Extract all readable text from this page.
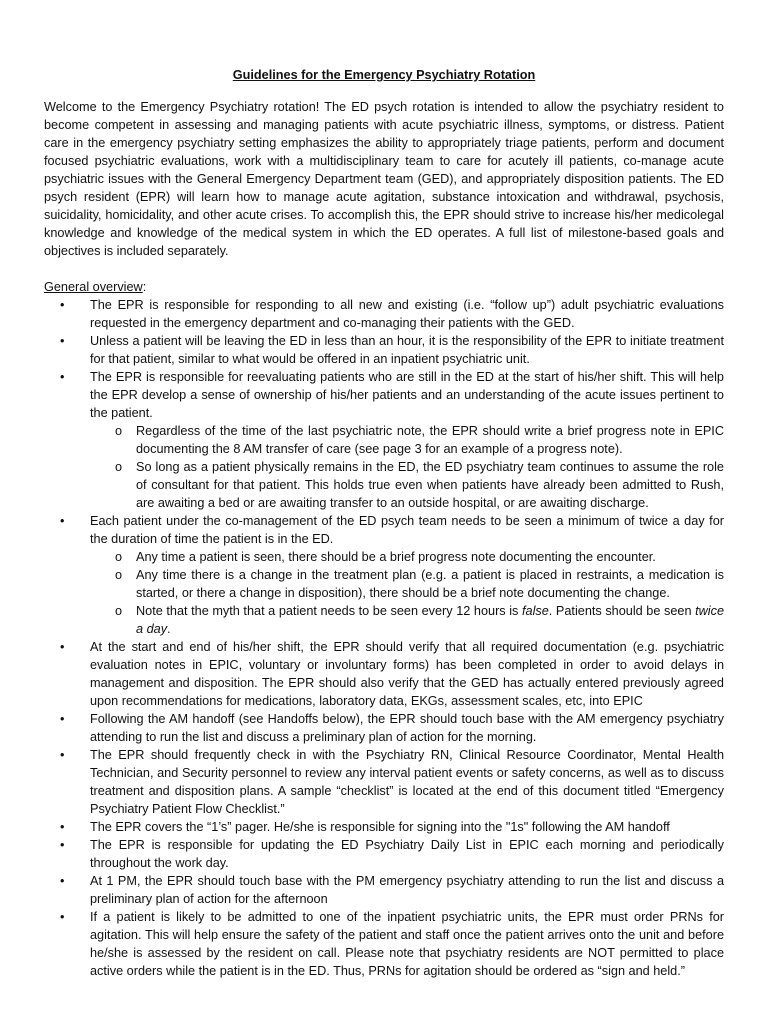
Guidelines for the Emergency Psychiatry Rotation

Welcome to the Emergency Psychiatry rotation! The ED psych rotation is intended to allow the psychiatry resident to become competent in assessing and managing patients with acute psychiatric illness, symptoms, or distress. Patient care in the emergency psychiatry setting emphasizes the ability to appropriately triage patients, perform and document focused psychiatric evaluations, work with a multidisciplinary team to care for acutely ill patients, co-manage acute psychiatric issues with the General Emergency Department team (GED), and appropriately disposition patients. The ED psych resident (EPR) will learn how to manage acute agitation, substance intoxication and withdrawal, psychosis, suicidality, homicidality, and other acute crises. To accomplish this, the EPR should strive to increase his/her medicolegal knowledge and knowledge of the medical system in which the ED operates. A full list of milestone-based goals and objectives is included separately.

General overview:

• The EPR is responsible for responding to all new and existing (i.e. “follow up”) adult psychiatric evaluations requested in the emergency department and co-managing their patients with the GED.
• Unless a patient will be leaving the ED in less than an hour, it is the responsibility of the EPR to initiate treatment for that patient, similar to what would be offered in an inpatient psychiatric unit.
• The EPR is responsible for reevaluating patients who are still in the ED at the start of his/her shift. This will help the EPR develop a sense of ownership of his/her patients and an understanding of the acute issues pertinent to the patient.
o Regardless of the time of the last psychiatric note, the EPR should write a brief progress note in EPIC documenting the 8 AM transfer of care (see page 3 for an example of a progress note).
o So long as a patient physically remains in the ED, the ED psychiatry team continues to assume the role of consultant for that patient. This holds true even when patients have already been admitted to Rush, are awaiting a bed or are awaiting transfer to an outside hospital, or are awaiting discharge.
• Each patient under the co-management of the ED psych team needs to be seen a minimum of twice a day for the duration of time the patient is in the ED.
o Any time a patient is seen, there should be a brief progress note documenting the encounter.
o Any time there is a change in the treatment plan (e.g. a patient is placed in restraints, a medication is started, or there a change in disposition), there should be a brief note documenting the change.
o Note that the myth that a patient needs to be seen every 12 hours is false. Patients should be seen twice a day.
• At the start and end of his/her shift, the EPR should verify that all required documentation (e.g. psychiatric evaluation notes in EPIC, voluntary or involuntary forms) has been completed in order to avoid delays in management and disposition. The EPR should also verify that the GED has actually entered previously agreed upon recommendations for medications, laboratory data, EKGs, assessment scales, etc, into EPIC
• Following the AM handoff (see Handoffs below), the EPR should touch base with the AM emergency psychiatry attending to run the list and discuss a preliminary plan of action for the morning.
• The EPR should frequently check in with the Psychiatry RN, Clinical Resource Coordinator, Mental Health Technician, and Security personnel to review any interval patient events or safety concerns, as well as to discuss treatment and disposition plans. A sample “checklist” is located at the end of this document titled “Emergency Psychiatry Patient Flow Checklist.”
• The EPR covers the “1’s” pager. He/she is responsible for signing into the "1s" following the AM handoff
• The EPR is responsible for updating the ED Psychiatry Daily List in EPIC each morning and periodically throughout the work day.
• At 1 PM, the EPR should touch base with the PM emergency psychiatry attending to run the list and discuss a preliminary plan of action for the afternoon
• If a patient is likely to be admitted to one of the inpatient psychiatric units, the EPR must order PRNs for agitation. This will help ensure the safety of the patient and staff once the patient arrives onto the unit and before he/she is assessed by the resident on call. Please note that psychiatry residents are NOT permitted to place active orders while the patient is in the ED. Thus, PRNs for agitation should be ordered as “sign and held.”
